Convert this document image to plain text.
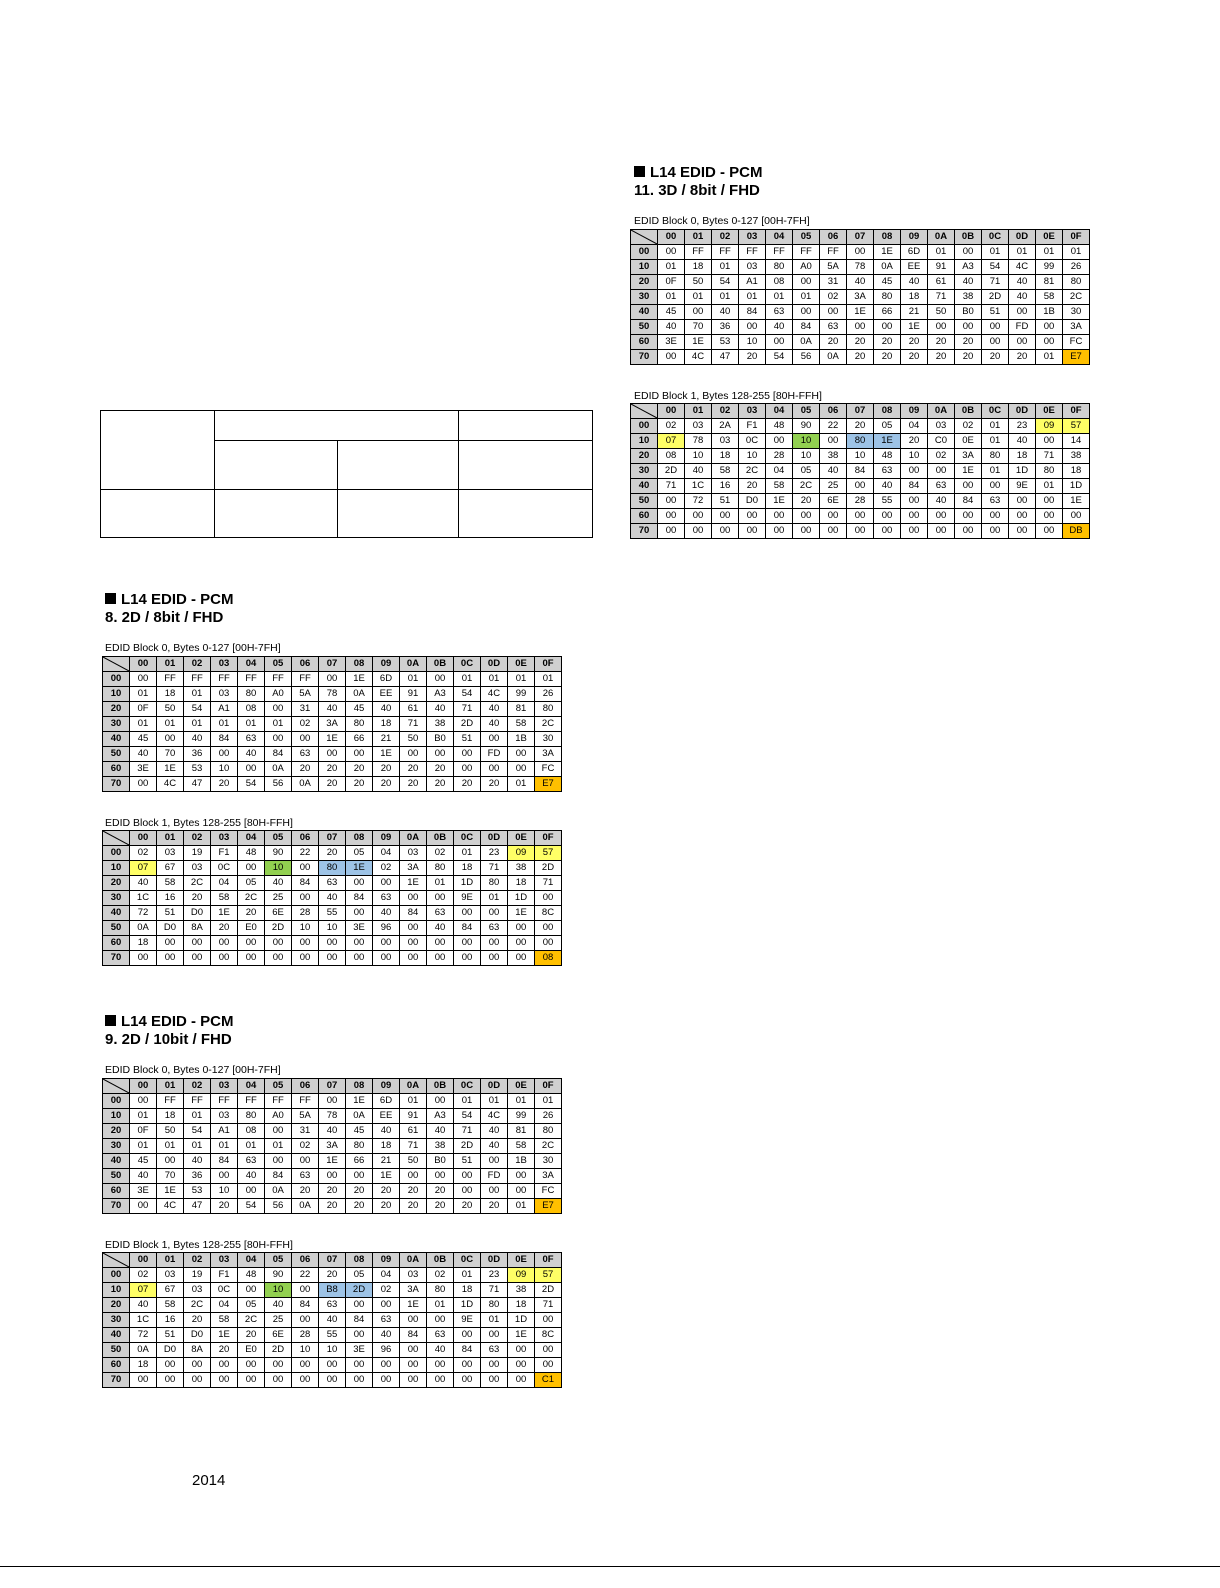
L14 EDID - PCM
11. 3D / 8bit / FHD
EDID Block 0, Bytes 0-127 [00H-7FH]
	00	01	02	03	04	05	06	07	08	09	0A	0B	0C	0D	0E	0F
00	00	FF	FF	FF	FF	FF	FF	00	1E	6D	01	00	01	01	01	01
10	01	18	01	03	80	A0	5A	78	0A	EE	91	A3	54	4C	99	26
20	0F	50	54	A1	08	00	31	40	45	40	61	40	71	40	81	80
30	01	01	01	01	01	01	02	3A	80	18	71	38	2D	40	58	2C
40	45	00	40	84	63	00	00	1E	66	21	50	B0	51	00	1B	30
50	40	70	36	00	40	84	63	00	00	1E	00	00	00	FD	00	3A
60	3E	1E	53	10	00	0A	20	20	20	20	20	20	00	00	00	FC
70	00	4C	47	20	54	56	0A	20	20	20	20	20	20	20	01	E7
EDID Block 1, Bytes 128-255 [80H-FFH]
	00	01	02	03	04	05	06	07	08	09	0A	0B	0C	0D	0E	0F
00	02	03	2A	F1	48	90	22	20	05	04	03	02	01	23	09	57
10	07	78	03	0C	00	10	00	80	1E	20	C0	0E	01	40	00	14
20	08	10	18	10	28	10	38	10	48	10	02	3A	80	18	71	38
30	2D	40	58	2C	04	05	40	84	63	00	00	1E	01	1D	80	18
40	71	1C	16	20	58	2C	25	00	40	84	63	00	00	9E	01	1D
50	00	72	51	D0	1E	20	6E	28	55	00	40	84	63	00	00	1E
60	00	00	00	00	00	00	00	00	00	00	00	00	00	00	00	00
70	00	00	00	00	00	00	00	00	00	00	00	00	00	00	00	DB
L14 EDID - PCM
8. 2D / 8bit / FHD
EDID Block 0, Bytes 0-127 [00H-7FH]
	00	01	02	03	04	05	06	07	08	09	0A	0B	0C	0D	0E	0F
00	00	FF	FF	FF	FF	FF	FF	00	1E	6D	01	00	01	01	01	01
10	01	18	01	03	80	A0	5A	78	0A	EE	91	A3	54	4C	99	26
20	0F	50	54	A1	08	00	31	40	45	40	61	40	71	40	81	80
30	01	01	01	01	01	01	02	3A	80	18	71	38	2D	40	58	2C
40	45	00	40	84	63	00	00	1E	66	21	50	B0	51	00	1B	30
50	40	70	36	00	40	84	63	00	00	1E	00	00	00	FD	00	3A
60	3E	1E	53	10	00	0A	20	20	20	20	20	20	00	00	00	FC
70	00	4C	47	20	54	56	0A	20	20	20	20	20	20	20	01	E7
EDID Block 1, Bytes 128-255 [80H-FFH]
	00	01	02	03	04	05	06	07	08	09	0A	0B	0C	0D	0E	0F
00	02	03	19	F1	48	90	22	20	05	04	03	02	01	23	09	57
10	07	67	03	0C	00	10	00	80	1E	02	3A	80	18	71	38	2D
20	40	58	2C	04	05	40	84	63	00	00	1E	01	1D	80	18	71
30	1C	16	20	58	2C	25	00	40	84	63	00	00	9E	01	1D	00
40	72	51	D0	1E	20	6E	28	55	00	40	84	63	00	00	1E	8C
50	0A	D0	8A	20	E0	2D	10	10	3E	96	00	40	84	63	00	00
60	18	00	00	00	00	00	00	00	00	00	00	00	00	00	00	00
70	00	00	00	00	00	00	00	00	00	00	00	00	00	00	00	08
L14 EDID - PCM
9. 2D / 10bit / FHD
EDID Block 0, Bytes 0-127 [00H-7FH]
	00	01	02	03	04	05	06	07	08	09	0A	0B	0C	0D	0E	0F
00	00	FF	FF	FF	FF	FF	FF	00	1E	6D	01	00	01	01	01	01
10	01	18	01	03	80	A0	5A	78	0A	EE	91	A3	54	4C	99	26
20	0F	50	54	A1	08	00	31	40	45	40	61	40	71	40	81	80
30	01	01	01	01	01	01	02	3A	80	18	71	38	2D	40	58	2C
40	45	00	40	84	63	00	00	1E	66	21	50	B0	51	00	1B	30
50	40	70	36	00	40	84	63	00	00	1E	00	00	00	FD	00	3A
60	3E	1E	53	10	00	0A	20	20	20	20	20	20	00	00	00	FC
70	00	4C	47	20	54	56	0A	20	20	20	20	20	20	20	01	E7
EDID Block 1, Bytes 128-255 [80H-FFH]
	00	01	02	03	04	05	06	07	08	09	0A	0B	0C	0D	0E	0F
00	02	03	19	F1	48	90	22	20	05	04	03	02	01	23	09	57
10	07	67	03	0C	00	10	00	B8	2D	02	3A	80	18	71	38	2D
20	40	58	2C	04	05	40	84	63	00	00	1E	01	1D	80	18	71
30	1C	16	20	58	2C	25	00	40	84	63	00	00	9E	01	1D	00
40	72	51	D0	1E	20	6E	28	55	00	40	84	63	00	00	1E	8C
50	0A	D0	8A	20	E0	2D	10	10	3E	96	00	40	84	63	00	00
60	18	00	00	00	00	00	00	00	00	00	00	00	00	00	00	00
70	00	00	00	00	00	00	00	00	00	00	00	00	00	00	00	C1
2014
